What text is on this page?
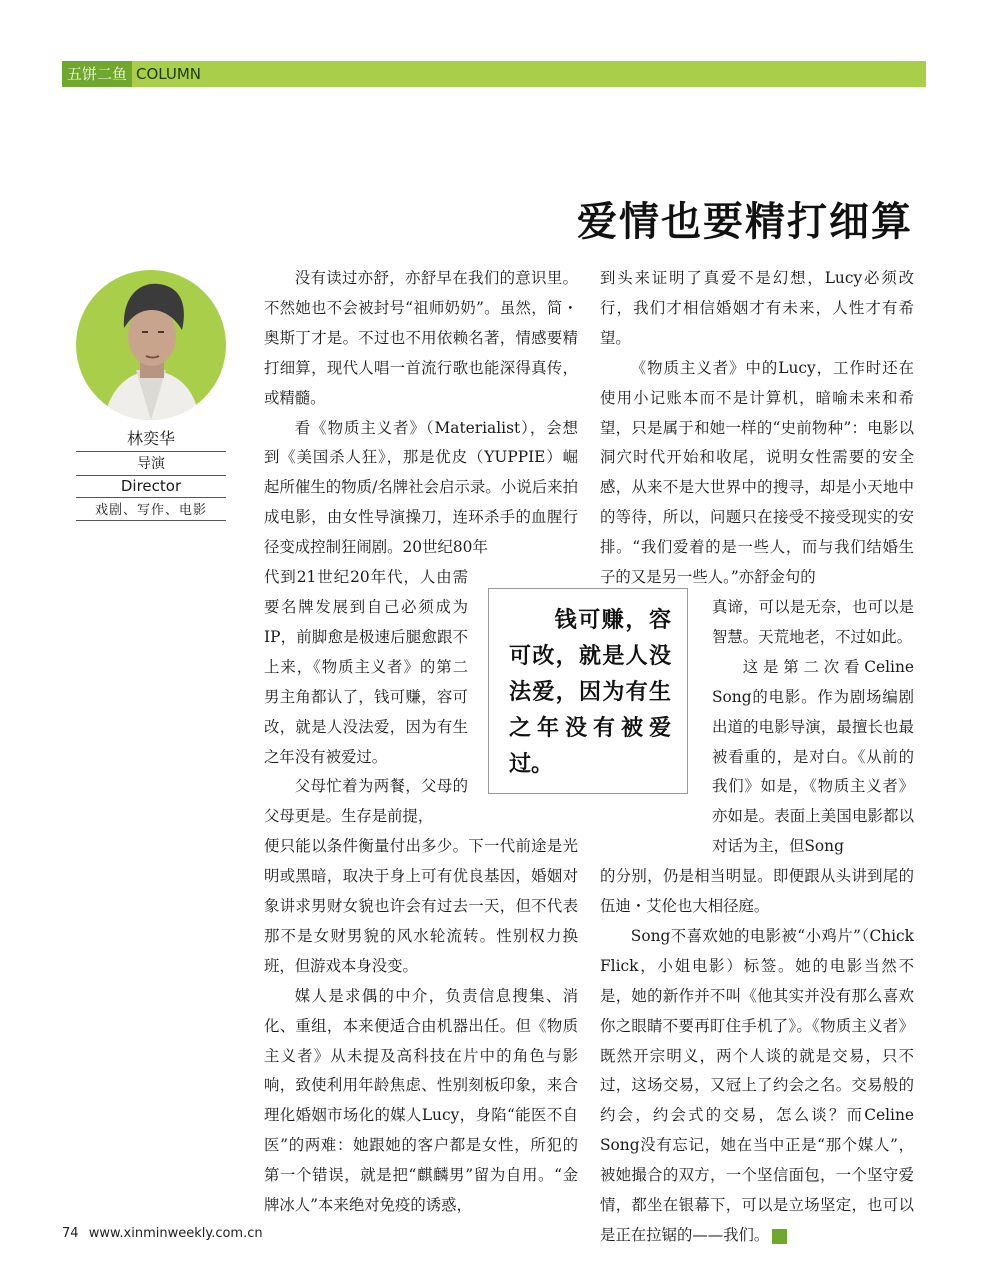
五饼二鱼 COLUMN
爱情也要精打细算
林奕华
导演
Director
戏剧、写作、电影

没有读过亦舒，亦舒早在我们的意识里。不然她也不会被封号“祖师奶奶”。虽然，简・奥斯丁才是。不过也不用依赖名著，情感要精打细算，现代人唱一首流行歌也能深得真传，或精髓。

看《物质主义者》（Materialist），会想到《美国杀人狂》，那是优皮（YUPPIE）崛起所催生的物质/名牌社会启示录。小说后来拍成电影，由女性导演操刀，连环杀手的血腥行径变成控制狂闹剧。20世纪80年

代到21世纪20年代，人由需要名牌发展到自己必须成为IP，前脚愈是极速后腿愈跟不上来，《物质主义者》的第二男主角都认了，钱可赚，容可改，就是人没法爱，因为有生之年没有被爱过。

父母忙着为两餐，父母的父母更是。生存是前提，

便只能以条件衡量付出多少。下一代前途是光明或黑暗，取决于身上可有优良基因，婚姻对象讲求男财女貌也许会有过去一天，但不代表那不是女财男貌的风水轮流转。性别权力换班，但游戏本身没变。

媒人是求偶的中介，负责信息搜集、消化、重组，本来便适合由机器出任。但《物质主义者》从未提及高科技在片中的角色与影响，致使利用年龄焦虑、性别刻板印象，来合理化婚姻市场化的媒人Lucy，身陷“能医不自医”的两难：她跟她的客户都是女性，所犯的第一个错误，就是把“麒麟男”留为自用。“金牌冰人”本来绝对免疫的诱惑，

到头来证明了真爱不是幻想，Lucy必须改行，我们才相信婚姻才有未来，人性才有希望。

《物质主义者》中的Lucy，工作时还在使用小记账本而不是计算机，暗喻未来和希望，只是属于和她一样的“史前物种”：电影以洞穴时代开始和收尾，说明女性需要的安全感，从来不是大世界中的搜寻，却是小天地中的等待，所以，问题只在接受不接受现实的安排。“我们爱着的是一些人，而与我们结婚生子的又是另一些人。”亦舒金句的

真谛，可以是无奈，也可以是智慧。天荒地老，不过如此。

这是第二次看Celine Song的电影。作为剧场编剧出道的电影导演，最擅长也最被看重的，是对白。《从前的我们》如是，《物质主义者》亦如是。表面上美国电影都以对话为主，但Song

的分别，仍是相当明显。即便跟从头讲到尾的伍迪・艾伦也大相径庭。

Song不喜欢她的电影被“小鸡片”（Chick Flick，小姐电影）标签。她的电影当然不是，她的新作并不叫《他其实并没有那么喜欢你之眼睛不要再盯住手机了》。《物质主义者》既然开宗明义，两个人谈的就是交易，只不过，这场交易，又冠上了约会之名。交易般的约会，约会式的交易，怎么谈？而Celine Song没有忘记，她在当中正是“那个媒人”，被她撮合的双方，一个坚信面包，一个坚守爱情，都坐在银幕下，可以是立场坚定，也可以是正在拉锯的——我们。	民

钱可赚，容可改，就是人没法爱，因为有生之年没有被爱过。
74 www.xinminweekly.com.cn
